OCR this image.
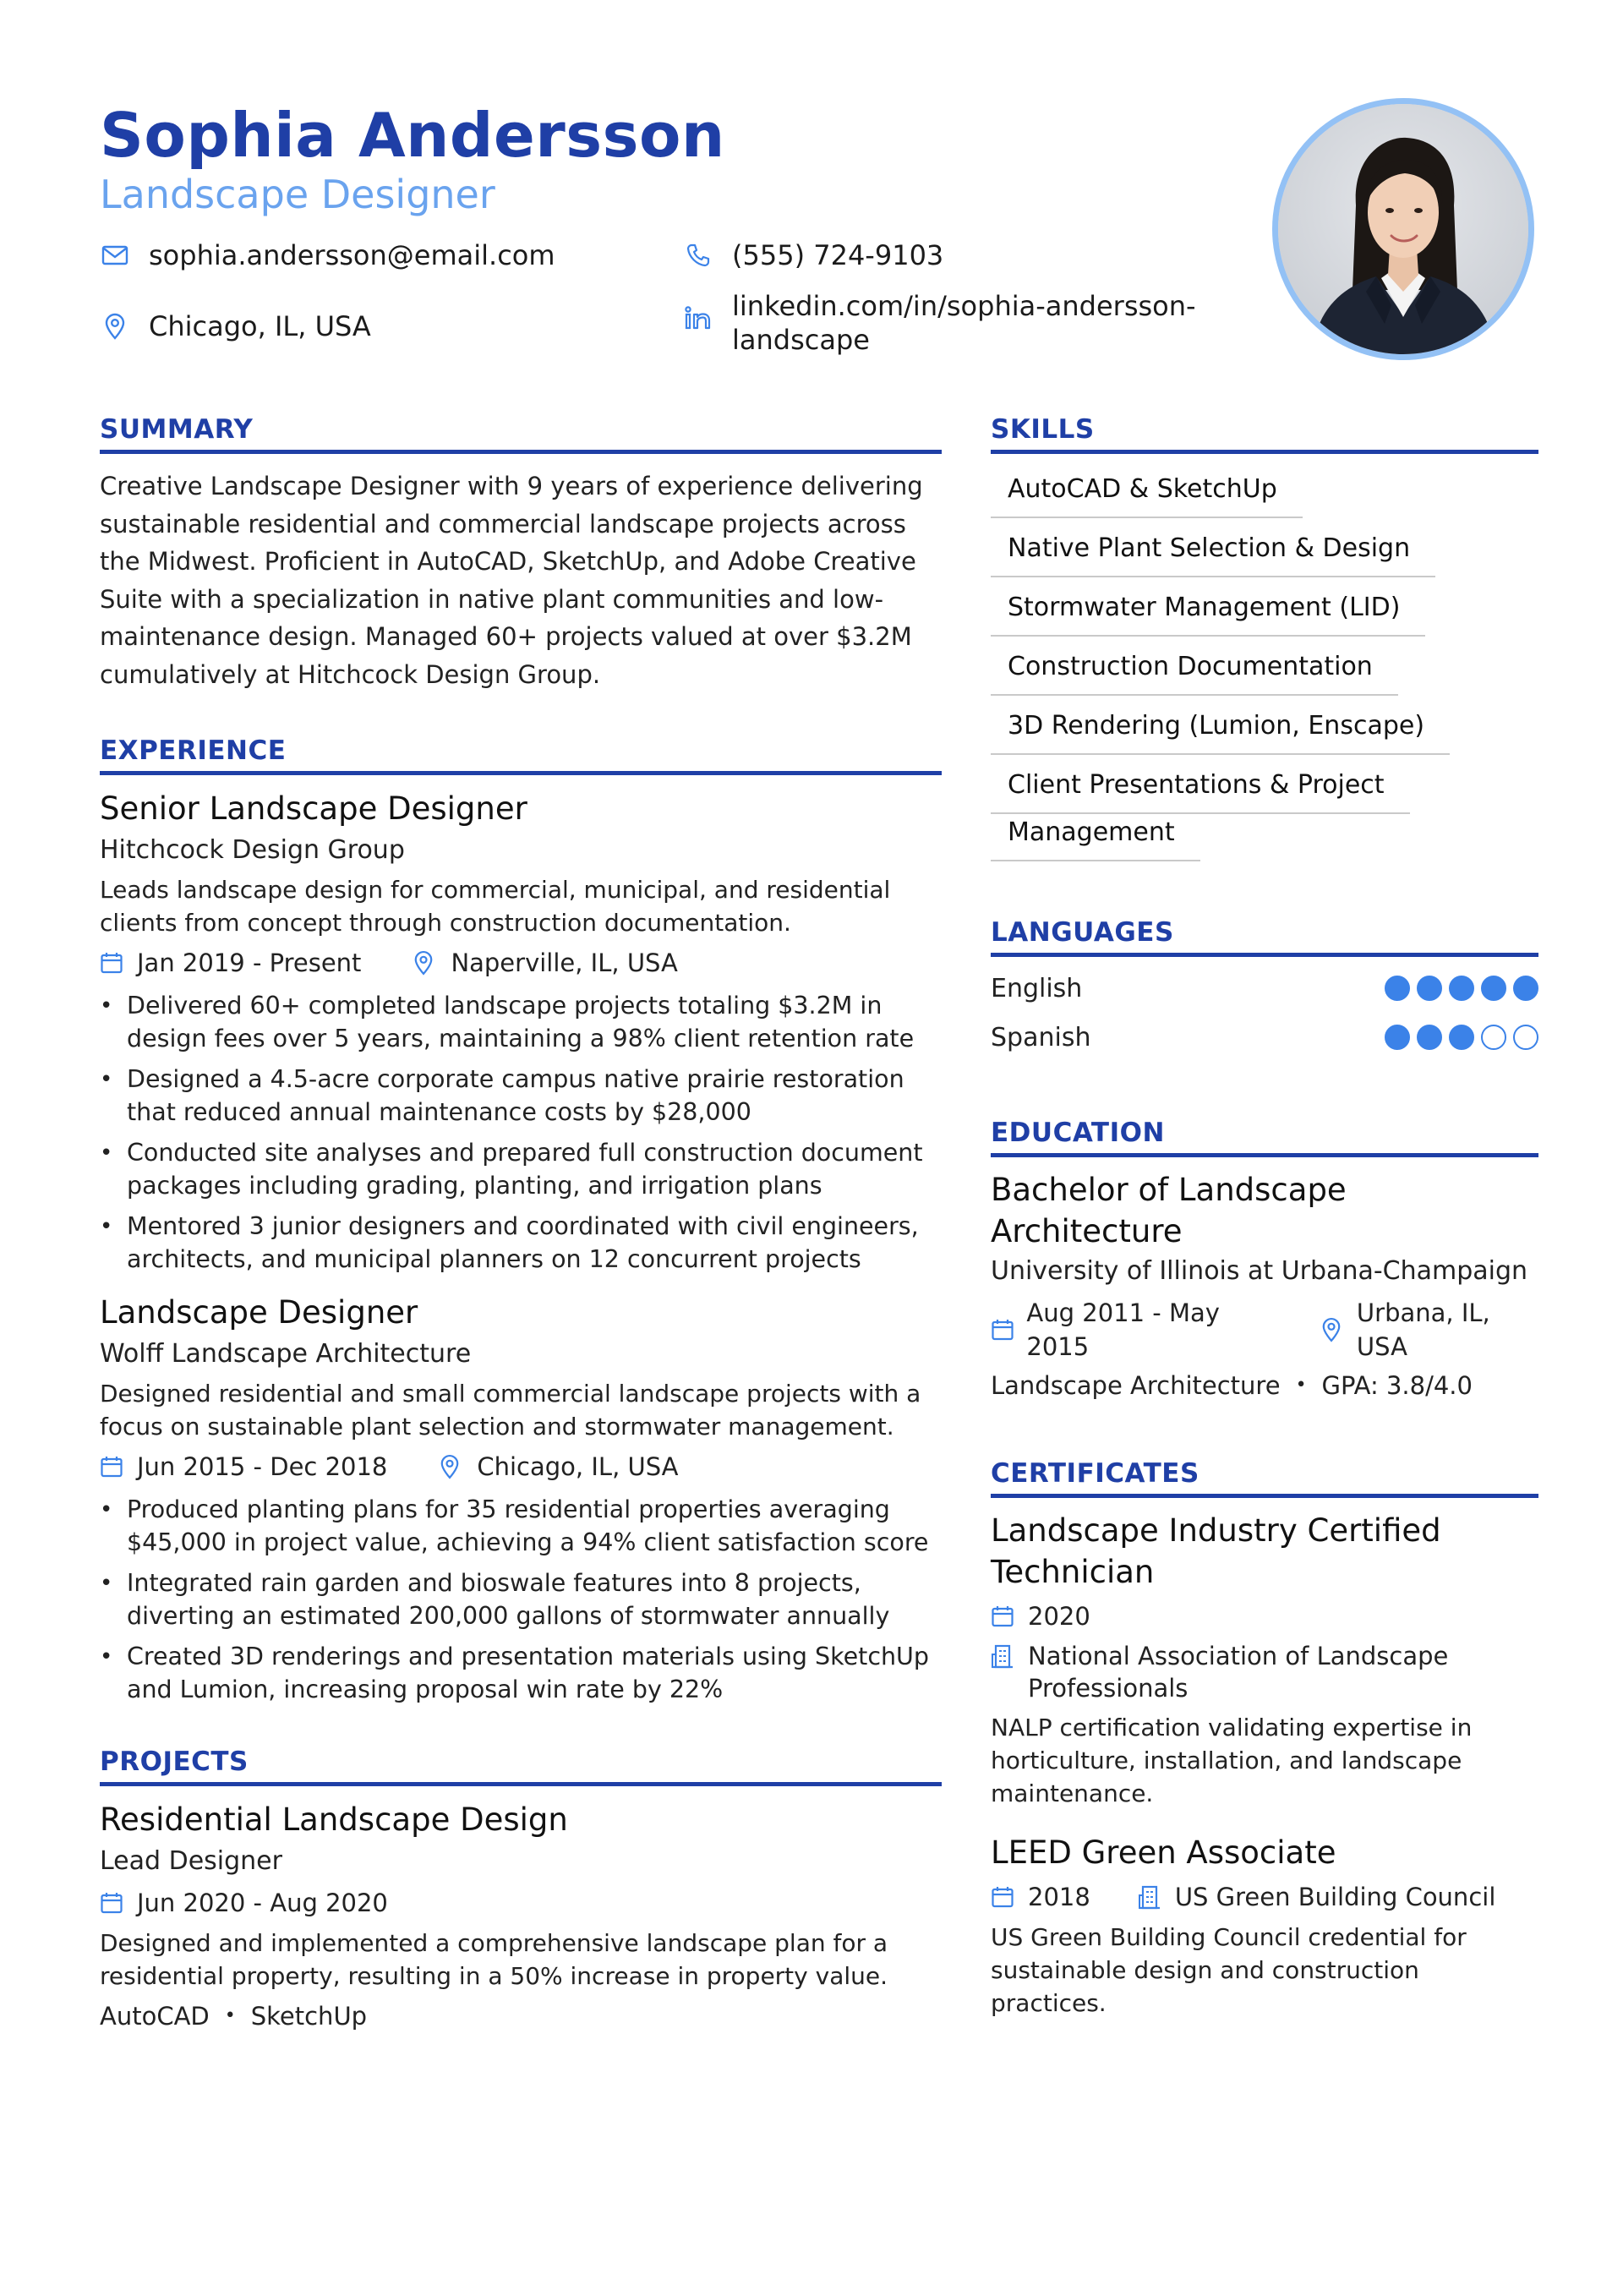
Sophia Andersson
Landscape Designer
sophia.andersson@email.com	(555) 724-9103
Chicago, IL, USA
linkedin.com/in/sophia-andersson-landscape
SUMMARY
Creative Landscape Designer with 9 years of experience delivering sustainable residential and commercial landscape projects across the Midwest. Proficient in AutoCAD, SketchUp, and Adobe Creative Suite with a specialization in native plant communities and low-maintenance design. Managed 60+ projects valued at over $3.2M cumulatively at Hitchcock Design Group.
EXPERIENCE
Senior Landscape Designer
Hitchcock Design Group
Leads landscape design for commercial, municipal, and residential clients from concept through construction documentation.
Jan 2019 - Present	Naperville, IL, USA
• Delivered 60+ completed landscape projects totaling $3.2M in design fees over 5 years, maintaining a 98% client retention rate
• Designed a 4.5-acre corporate campus native prairie restoration that reduced annual maintenance costs by $28,000
• Conducted site analyses and prepared full construction document packages including grading, planting, and irrigation plans
• Mentored 3 junior designers and coordinated with civil engineers, architects, and municipal planners on 12 concurrent projects
Landscape Designer
Wolff Landscape Architecture
Designed residential and small commercial landscape projects with a focus on sustainable plant selection and stormwater management.
Jun 2015 - Dec 2018	Chicago, IL, USA
• Produced planting plans for 35 residential properties averaging $45,000 in project value, achieving a 94% client satisfaction score
• Integrated rain garden and bioswale features into 8 projects, diverting an estimated 200,000 gallons of stormwater annually
• Created 3D renderings and presentation materials using SketchUp and Lumion, increasing proposal win rate by 22%
PROJECTS
Residential Landscape Design
Lead Designer
Jun 2020 - Aug 2020
Designed and implemented a comprehensive landscape plan for a residential property, resulting in a 50% increase in property value.
AutoCAD • SketchUp
SKILLS
AutoCAD & SketchUp
Native Plant Selection & Design
Stormwater Management (LID)
Construction Documentation
3D Rendering (Lumion, Enscape)
Client Presentations & Project
Management
LANGUAGES
English
Spanish
EDUCATION
Bachelor of Landscape Architecture
University of Illinois at Urbana-Champaign
Aug 2011 - May 2015
Urbana, IL, USA
Landscape Architecture • GPA: 3.8/4.0
CERTIFICATES
Landscape Industry Certified Technician
2020
National Association of Landscape Professionals
NALP certification validating expertise in horticulture, installation, and landscape maintenance.
LEED Green Associate
2018	US Green Building Council
US Green Building Council credential for sustainable design and construction practices.
